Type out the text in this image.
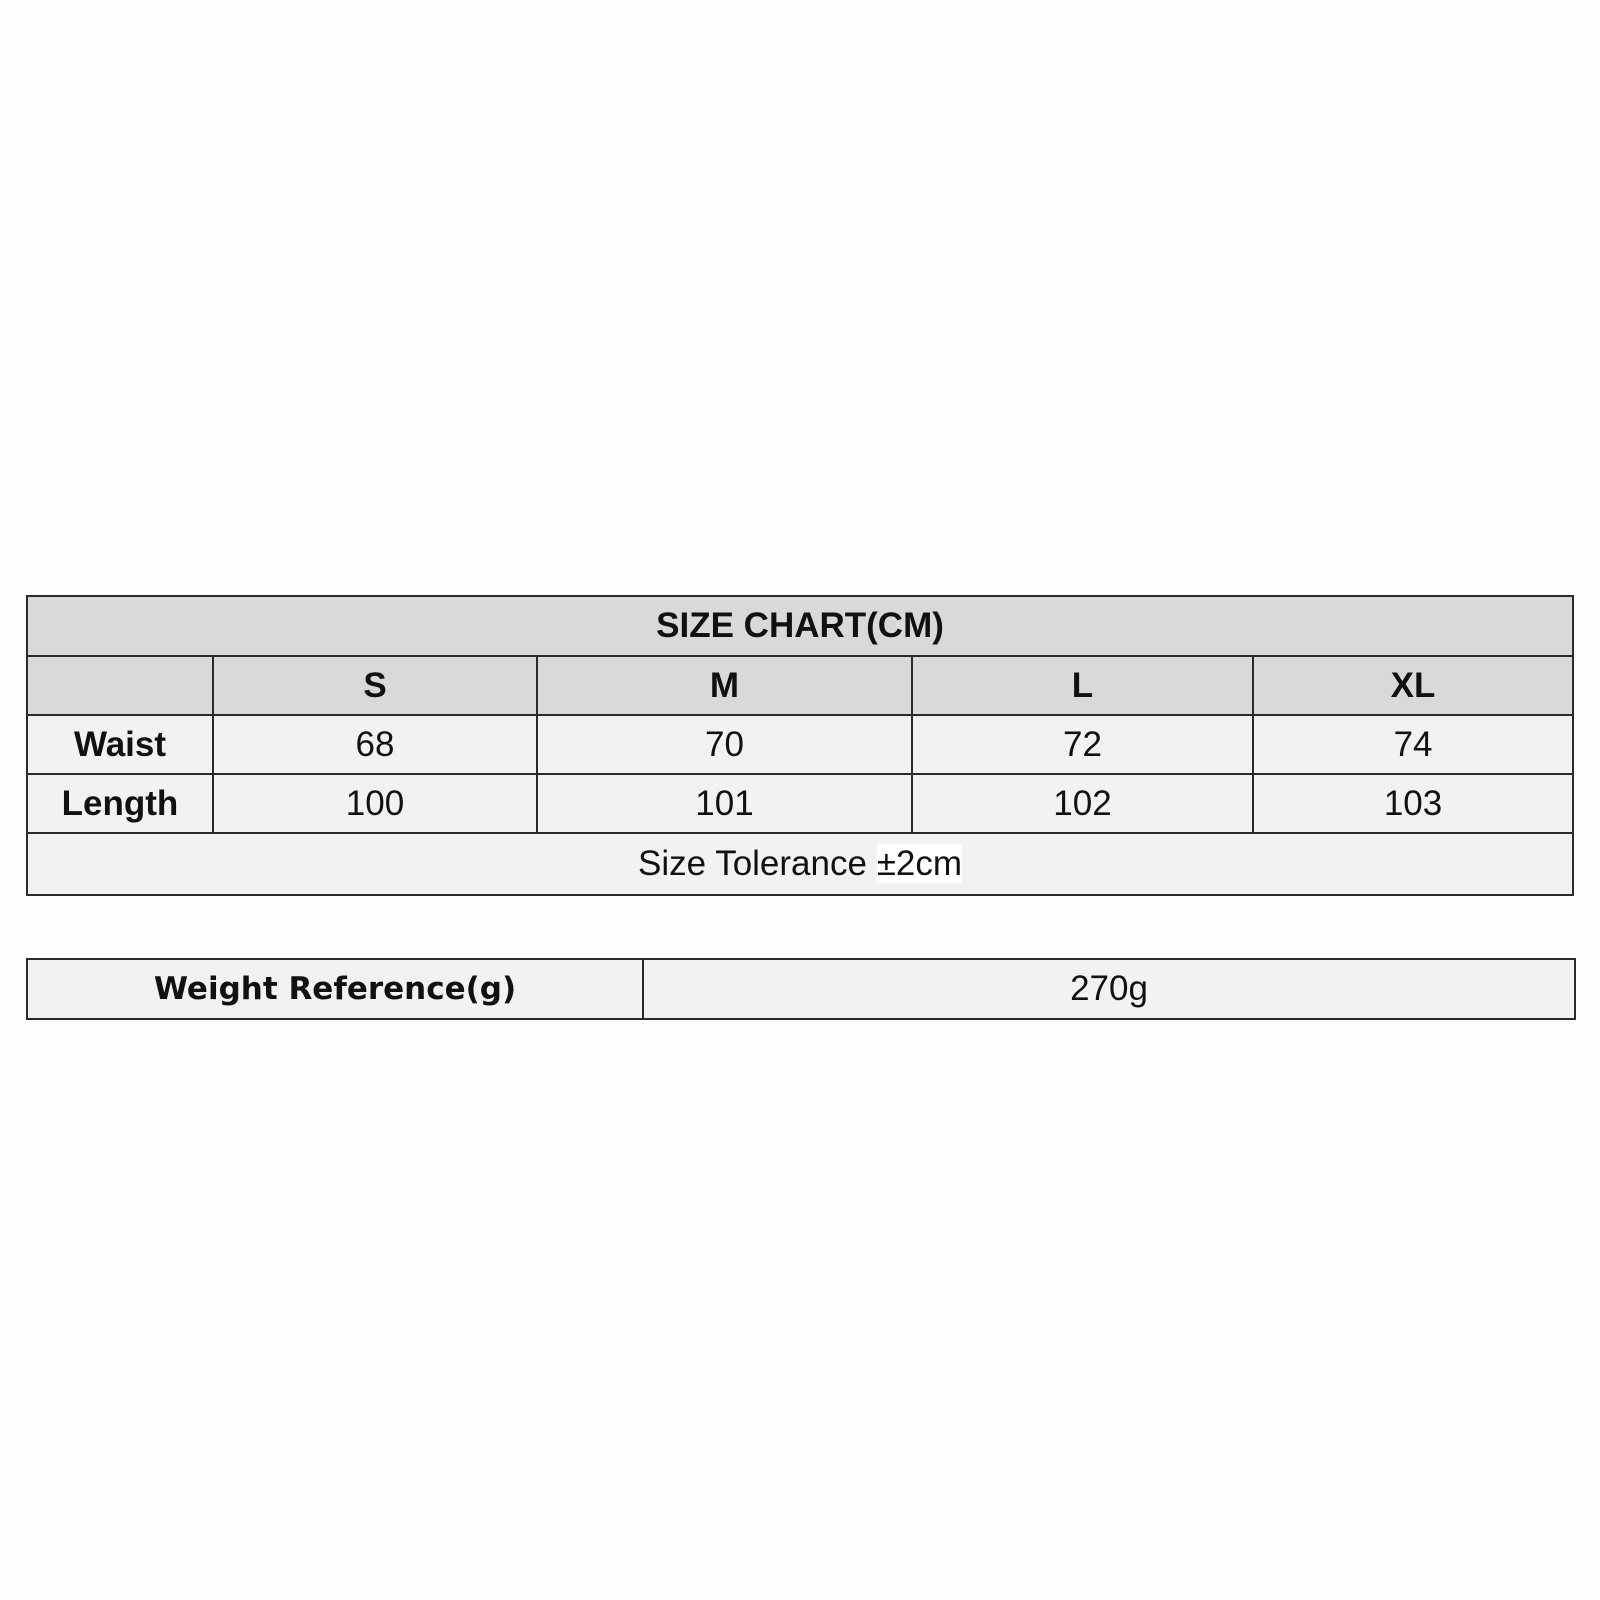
SIZE CHART(CM)				
	S	M	L	XL
Waist	68	70	72	74
Length	100	101	102	103
Size Tolerance ±2cm				
Weight Reference(g)	270g
